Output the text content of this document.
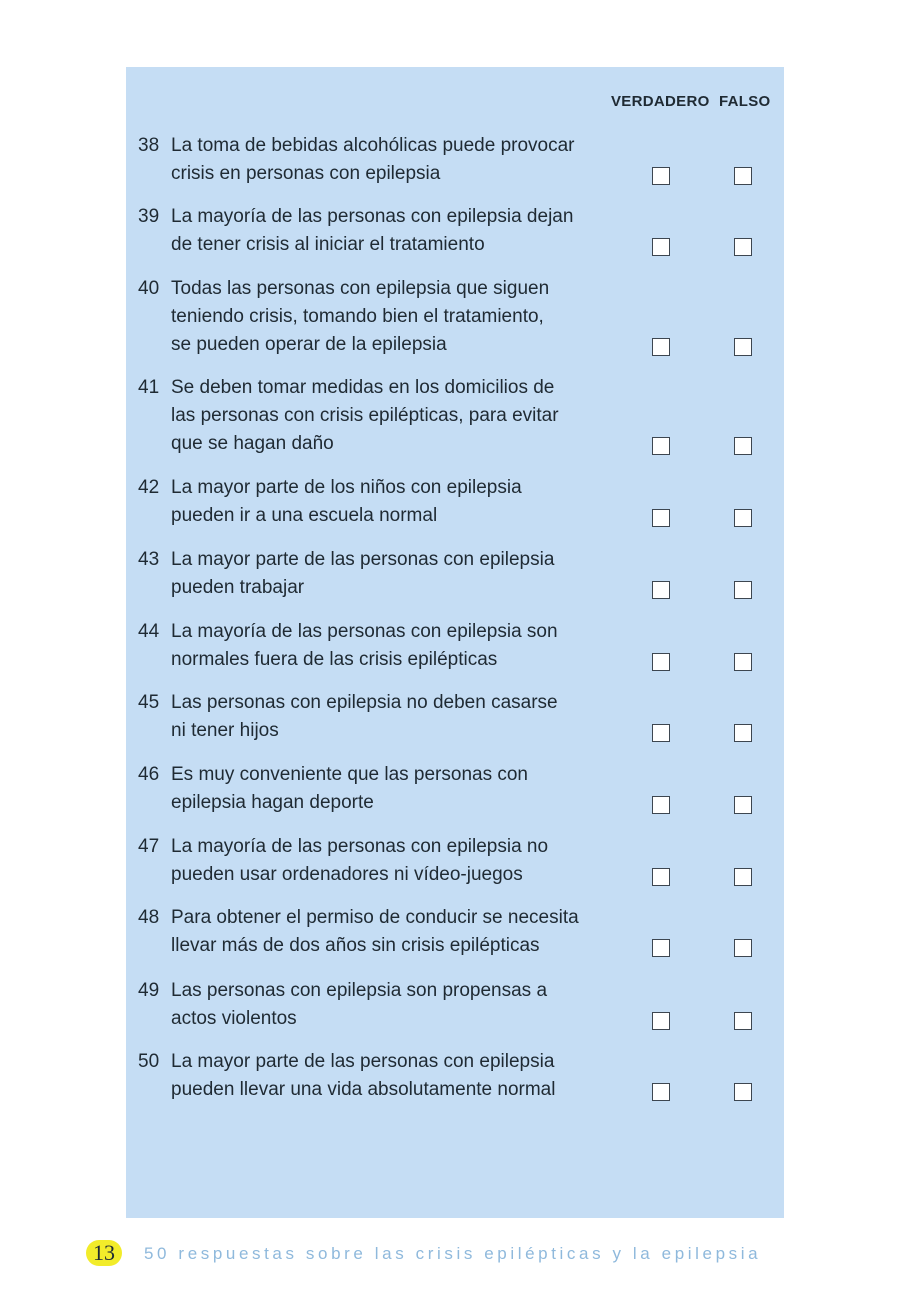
VERDADERO FALSO
38 La toma de bebidas alcohólicas puede provocar
crisis en personas con epilepsia
39 La mayoría de las personas con epilepsia dejan
de tener crisis al iniciar el tratamiento
40 Todas las personas con epilepsia que siguen
teniendo crisis, tomando bien el tratamiento,
se pueden operar de la epilepsia
41 Se deben tomar medidas en los domicilios de
las personas con crisis epilépticas, para evitar
que se hagan daño
42 La mayor parte de los niños con epilepsia
pueden ir a una escuela normal
43 La mayor parte de las personas con epilepsia
pueden trabajar
44 La mayoría de las personas con epilepsia son
normales fuera de las crisis epilépticas
45 Las personas con epilepsia no deben casarse
ni tener hijos
46 Es muy conveniente que las personas con
epilepsia hagan deporte
47 La mayoría de las personas con epilepsia no
pueden usar ordenadores ni vídeo-juegos
48 Para obtener el permiso de conducir se necesita
llevar más de dos años sin crisis epilépticas
49 Las personas con epilepsia son propensas a
actos violentos
50 La mayor parte de las personas con epilepsia
pueden llevar una vida absolutamente normal
13	50 respuestas sobre las crisis epilépticas y la epilepsia
